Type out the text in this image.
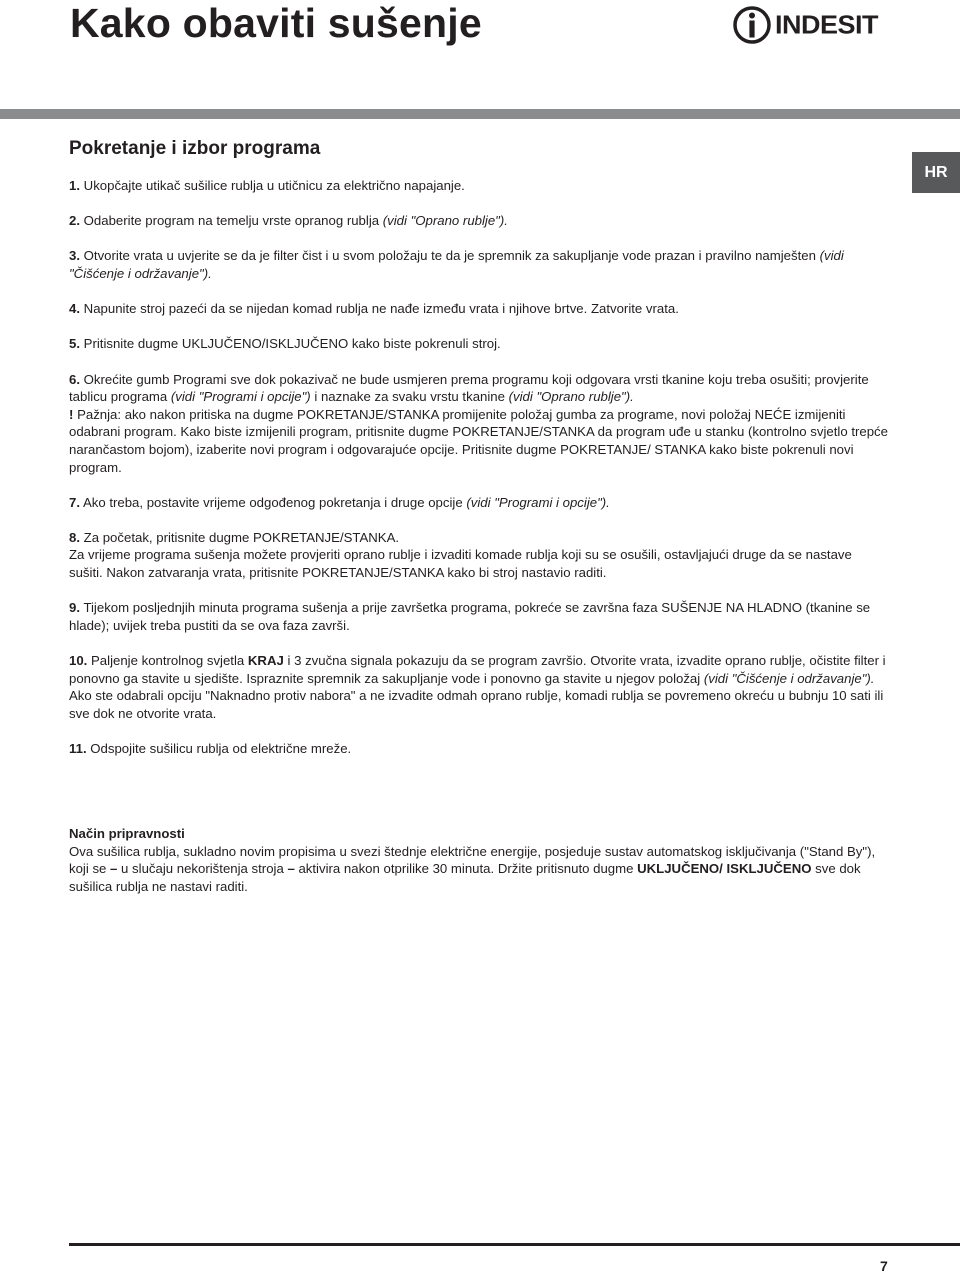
Kako obaviti sušenje	INDESIT
HR
Pokretanje i izbor programa

1. Ukopčajte utikač sušilice rublja u utičnicu za električno napajanje.

2. Odaberite program na temelju vrste opranog rublja (vidi "Oprano rublje").

3. Otvorite vrata u uvjerite se da je filter čist i u svom položaju te da je spremnik za sakupljanje vode prazan i pravilno namješten (vidi "Čišćenje i održavanje").

4. Napunite stroj pazeći da se nijedan komad rublja ne nađe između vrata i njihove brtve. Zatvorite vrata.

5. Pritisnite dugme UKLJUČENO/ISKLJUČENO kako biste pokrenuli stroj.

6. Okrećite gumb Programi sve dok pokazivač ne bude usmjeren prema programu koji odgovara vrsti tkanine koju treba osušiti; provjerite tablicu programa (vidi "Programi i opcije") i naznake za svaku vrstu tkanine (vidi "Oprano rublje").

! Pažnja: ako nakon pritiska na dugme POKRETANJE/STANKA promijenite položaj gumba za programe, novi položaj NEĆE izmijeniti odabrani program. Kako biste izmijenili program, pritisnite dugme POKRETANJE/STANKA da program uđe u stanku (kontrolno svjetlo trepće narančastom bojom), izaberite novi program i odgovarajuće opcije. Pritisnite dugme POKRETANJE/ STANKA kako biste pokrenuli novi program.

7. Ako treba, postavite vrijeme odgođenog pokretanja i druge opcije (vidi "Programi i opcije").

8. Za početak, pritisnite dugme POKRETANJE/STANKA.

Za vrijeme programa sušenja možete provjeriti oprano rublje i izvaditi komade rublja koji su se osušili, ostavljajući druge da se nastave sušiti. Nakon zatvaranja vrata, pritisnite POKRETANJE/STANKA kako bi stroj nastavio raditi.

9. Tijekom posljednjih minuta programa sušenja a prije završetka programa, pokreće se završna faza SUŠENJE NA HLADNO (tkanine se hlade); uvijek treba pustiti da se ova faza završi.

10. Paljenje kontrolnog svjetla KRAJ i 3 zvučna signala pokazuju da se program završio. Otvorite vrata, izvadite oprano rublje, očistite filter i ponovno ga stavite u sjedište. Ispraznite spremnik za sakupljanje vode i ponovno ga stavite u njegov položaj (vidi "Čišćenje i održavanje").

Ako ste odabrali opciju "Naknadno protiv nabora" a ne izvadite odmah oprano rublje, komadi rublja se povremeno okreću u bubnju 10 sati ili sve dok ne otvorite vrata.

11. Odspojite sušilicu rublja od električne mreže.

Način pripravnosti

Ova sušilica rublja, sukladno novim propisima u svezi štednje električne energije, posjeduje sustav automatskog isključivanja ("Stand By"), koji se – u slučaju nekorištenja stroja – aktivira nakon otprilike 30 minuta. Držite pritisnuto dugme UKLJUČENO/ ISKLJUČENO sve dok sušilica rublja ne nastavi raditi.

7
